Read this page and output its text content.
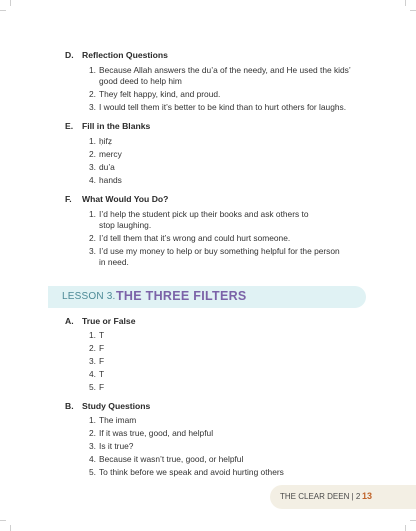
D. Reflection Questions
1. Because Allah answers the du’a of the needy, and He used the kids’
good deed to help him
2. They felt happy, kind, and proud.
3. I would tell them it’s better to be kind than to hurt others for laughs.
E. Fill in the Blanks
1. ḥifẓ
2. mercy
3. du’a
4. hands
F. What Would You Do?
1. I’d help the student pick up their books and ask others to
stop laughing.
2. I’d tell them that it’s wrong and could hurt someone.
3. I’d use my money to help or buy something helpful for the person
in need.
LESSON 3. THE THREE FILTERS
A. True or False
1. T
2. F
3. F
4. T
5. F
B. Study Questions
1. The imam
2. If it was true, good, and helpful
3. Is it true?
4. Because it wasn’t true, good, or helpful
5. To think before we speak and avoid hurting others
THE CLEAR DEEN | 2 13
